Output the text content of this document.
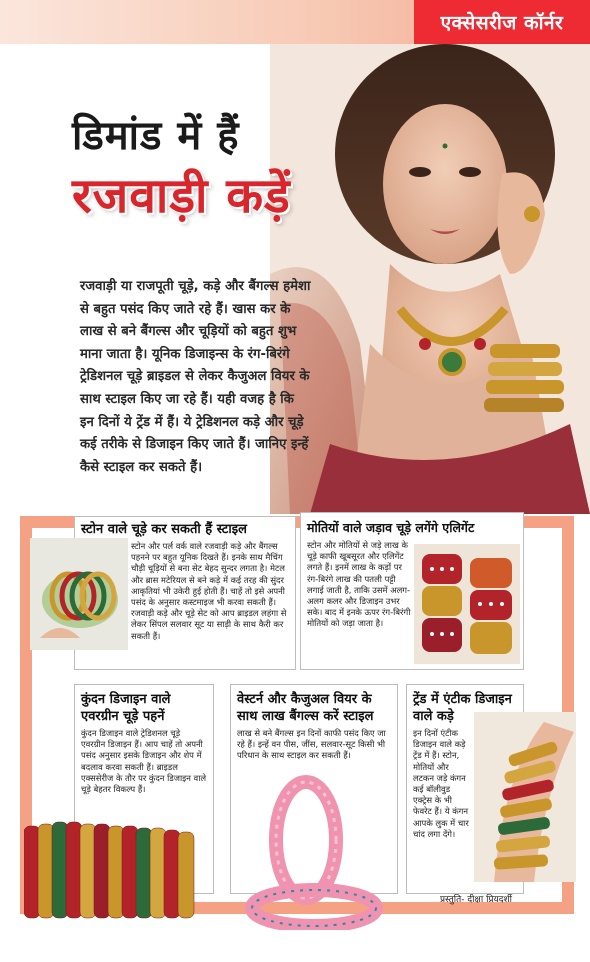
एक्सेसरीज कॉर्नर
डिमांड में हैं
रजवाड़ी कड़ें
रजवाड़ी या राजपूती चूड़े, कड़े और बैंगल्स हमेशा से बहुत पसंद किए जाते रहे हैं। खास कर के लाख से बने बैंगल्स और चूड़ियों को बहुत शुभ माना जाता है। यूनिक डिजाइन्स के रंग-बिरंगे ट्रेडिशनल चूड़े ब्राइडल से लेकर कैजुअल वियर के साथ स्टाइल किए जा रहे हैं। यही वजह है कि इन दिनों ये ट्रेंड में हैं। ये ट्रेडिशनल कड़े और चूड़े कई तरीके से डिजाइन किए जाते हैं। जानिए इन्हें कैसे स्टाइल कर सकते हैं।
स्टोन वाले चूड़े कर सकती हैं स्टाइल

स्टोन और पर्ल वर्क वाले रजवाड़ी कड़े और बैंगल्स पहनने पर बहुत यूनिक दिखते हैं। इनके साथ मैचिंग चौड़ी चूड़ियों से बना सेट बेहद सुन्दर लगता है। मेटल और ब्रास मटेरियल से बने कड़े में कई तरह की सुंदर आकृतियां भी उकेरी हुई होती हैं। चाहें तो इसे अपनी पसंद के अनुसार कस्टमाइज भी करवा सकती हैं। रजवाड़ी कड़े और चूड़े सेट को आप ब्राइडल लहंगा से लेकर सिंपल सलवार सूट या साड़ी के साथ कैरी कर सकती हैं।

मोतियों वाले जड़ाव चूड़े लगेंगे एलिगेंट

स्टोन और मोतियों से जड़े लाख के चूड़े काफी खूबसूरत और एलिगेंट लगते हैं। इनमें लाख के कड़ों पर रंग-बिरंगे लाख की पतली पट्टी लगाई जाती है, ताकि उसमें अलग-अलग कलर और डिजाइन उभर सके। बाद में इनके ऊपर रंग-बिरंगी मोतियों को जड़ा जाता है।

कुंदन डिजाइन वाले एवरग्रीन चूड़े पहनें

कुंदन डिजाइन वाले ट्रेडिशनल चूड़े एवरग्रीन डिजाइन हैं। आप चाहें तो अपनी पसंद अनुसार इसके डिजाइन और शेप में बदलाव करवा सकती हैं। ब्राइडल एक्ससेरीज के तौर पर कुंदन डिजाइन वाले चूड़े बेहतर विकल्प हैं।

वेस्टर्न और कैजुअल वियर के साथ लाख बैंगल्स करें स्टाइल

लाख से बने बैंगल्स इन दिनों काफी पसंद किए जा रहे हैं। इन्हें वन पीस, जींस, सलवार-सूट किसी भी परिधान के साथ स्टाइल कर सकती हैं।

ट्रेंड में एंटीक डिजाइन वाले कड़े

इन दिनों एंटीक डिजाइन वाले कड़े ट्रेंड में हैं। स्टोन, मोतियों और लटकन जड़े कंगन कई बॉलीवुड एक्ट्रेस के भी फेवरेट हैं। ये कंगन आपके लुक में चार चांद लगा देंगे।

प्रस्तुति- दीक्षा प्रियदर्शी
